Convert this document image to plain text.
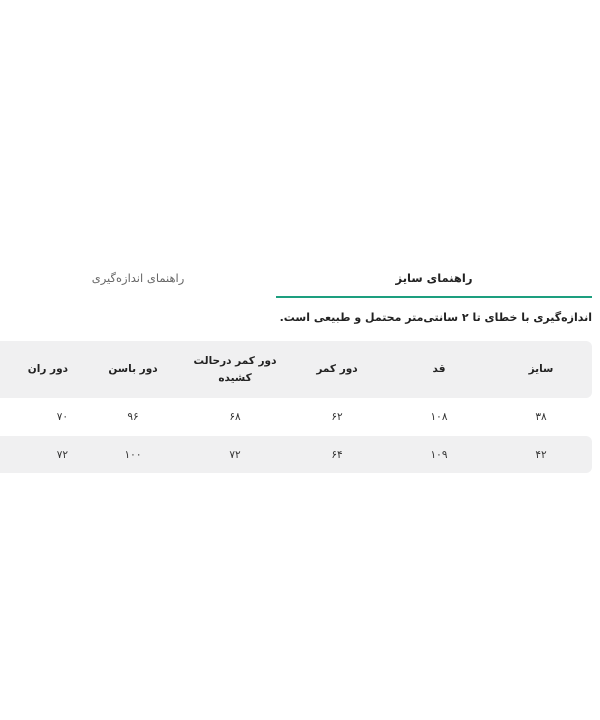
راهنمای سایز
راهنمای اندازه‌گیری
اندازه‌گیری با خطای تا ۲ سانتی‌متر محتمل و طبیعی است.
سایز
قد
دور کمر
دور کمر درحالت کشیده
دور باسن
دور ران
۳۸
۱۰۸
۶۲
۶۸
۹۶
۷۰
۴۲
۱۰۹
۶۴
۷۲
۱۰۰
۷۲
